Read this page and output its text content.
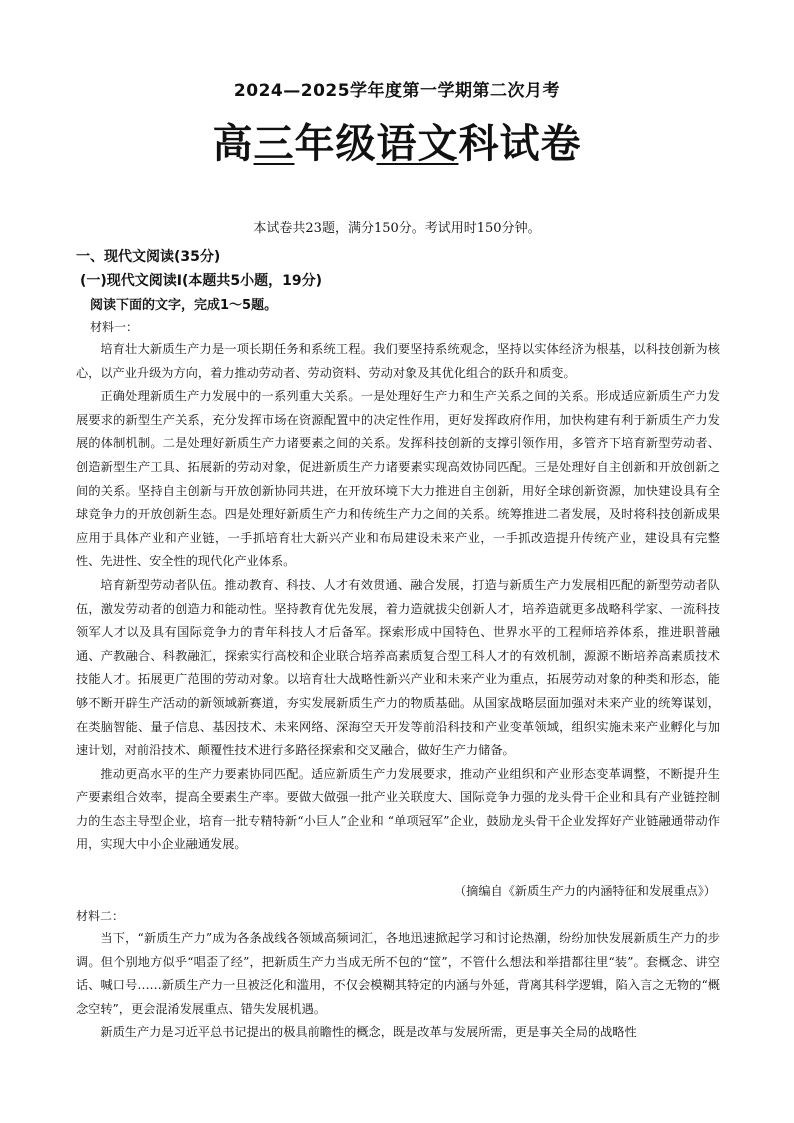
2024—2025学年度第一学期第二次月考
高三年级语文科试卷
本试卷共23题，满分150分。考试用时150分钟。
一、现代文阅读(35分)
(一)现代文阅读Ⅰ(本题共5小题，19分)
阅读下面的文字，完成1～5题。
材料一：

培育壮大新质生产力是一项长期任务和系统工程。我们要坚持系统观念，坚持以实体经济为根基，以科技创新为核心，以产业升级为方向，着力推动劳动者、劳动资料、劳动对象及其优化组合的跃升和质变。

正确处理新质生产力发展中的一系列重大关系。一是处理好生产力和生产关系之间的关系。形成适应新质生产力发展要求的新型生产关系，充分发挥市场在资源配置中的决定性作用，更好发挥政府作用，加快构建有利于新质生产力发展的体制机制。二是处理好新质生产力诸要素之间的关系。发挥科技创新的支撑引领作用，多管齐下培育新型劳动者、创造新型生产工具、拓展新的劳动对象，促进新质生产力诸要素实现高效协同匹配。三是处理好自主创新和开放创新之间的关系。坚持自主创新与开放创新协同共进，在开放环境下大力推进自主创新，用好全球创新资源，加快建设具有全球竞争力的开放创新生态。四是处理好新质生产力和传统生产力之间的关系。统筹推进二者发展，及时将科技创新成果应用于具体产业和产业链，一手抓培育壮大新兴产业和布局建设未来产业，一手抓改造提升传统产业，建设具有完整性、先进性、安全性的现代化产业体系。

培育新型劳动者队伍。推动教育、科技、人才有效贯通、融合发展，打造与新质生产力发展相匹配的新型劳动者队伍，激发劳动者的创造力和能动性。坚持教育优先发展，着力造就拔尖创新人才，培养造就更多战略科学家、一流科技领军人才以及具有国际竞争力的青年科技人才后备军。探索形成中国特色、世界水平的工程师培养体系，推进职普融通、产教融合、科教融汇，探索实行高校和企业联合培养高素质复合型工科人才的有效机制，源源不断培养高素质技术技能人才。拓展更广范围的劳动对象。以培育壮大战略性新兴产业和未来产业为重点，拓展劳动对象的种类和形态，能够不断开辟生产活动的新领域新赛道，夯实发展新质生产力的物质基础。从国家战略层面加强对未来产业的统筹谋划，在类脑智能、量子信息、基因技术、未来网络、深海空天开发等前沿科技和产业变革领域，组织实施未来产业孵化与加速计划，对前沿技术、颠覆性技术进行多路径探索和交叉融合，做好生产力储备。

推动更高水平的生产力要素协同匹配。适应新质生产力发展要求，推动产业组织和产业形态变革调整，不断提升生产要素组合效率，提高全要素生产率。要做大做强一批产业关联度大、国际竞争力强的龙头骨干企业和具有产业链控制力的生态主导型企业，培育一批专精特新“小巨人”企业和 “单项冠军”企业，鼓励龙头骨干企业发挥好产业链融通带动作用，实现大中小企业融通发展。

（摘编自《新质生产力的内涵特征和发展重点》）
材料二：

当下，“新质生产力”成为各条战线各领域高频词汇，各地迅速掀起学习和讨论热潮，纷纷加快发展新质生产力的步调。但个别地方似乎“唱歪了经”，把新质生产力当成无所不包的“筐”，不管什么想法和举措都往里“装”。套概念、讲空话、喊口号……新质生产力一旦被泛化和滥用，不仅会模糊其特定的内涵与外延，背离其科学逻辑，陷入言之无物的“概念空转”，更会混淆发展重点、错失发展机遇。

新质生产力是习近平总书记提出的极具前瞻性的概念，既是改革与发展所需，更是事关全局的战略性
